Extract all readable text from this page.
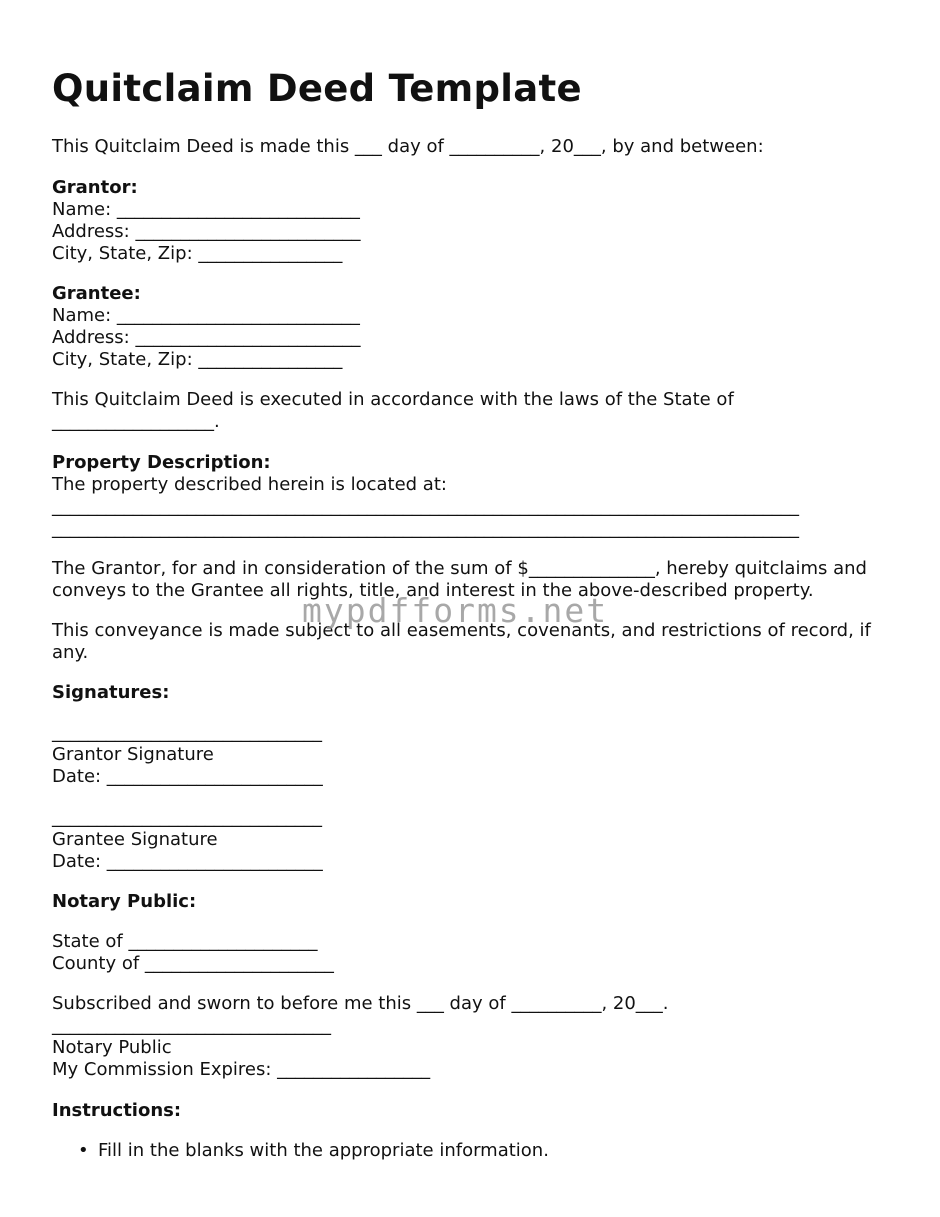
Quitclaim Deed Template
This Quitclaim Deed is made this ___ day of __________, 20___, by and between:
Grantor:
Name: ___________________________
Address: _________________________
City, State, Zip: ________________
Grantee:
Name: ___________________________
Address: _________________________
City, State, Zip: ________________
This Quitclaim Deed is executed in accordance with the laws of the State of
__________________.
Property Description:
The property described herein is located at:
___________________________________________________________________________________
___________________________________________________________________________________
The Grantor, for and in consideration of the sum of $______________, hereby quitclaims and
conveys to the Grantee all rights, title, and interest in the above-described property.
This conveyance is made subject to all easements, covenants, and restrictions of record, if
any.
Signatures:
______________________________
Grantor Signature
Date: ________________________
______________________________
Grantee Signature
Date: ________________________
Notary Public:
State of _____________________
County of _____________________
Subscribed and sworn to before me this ___ day of __________, 20___.
_______________________________
Notary Public
My Commission Expires: _________________
Instructions:
• Fill in the blanks with the appropriate information.
mypdfforms.net
